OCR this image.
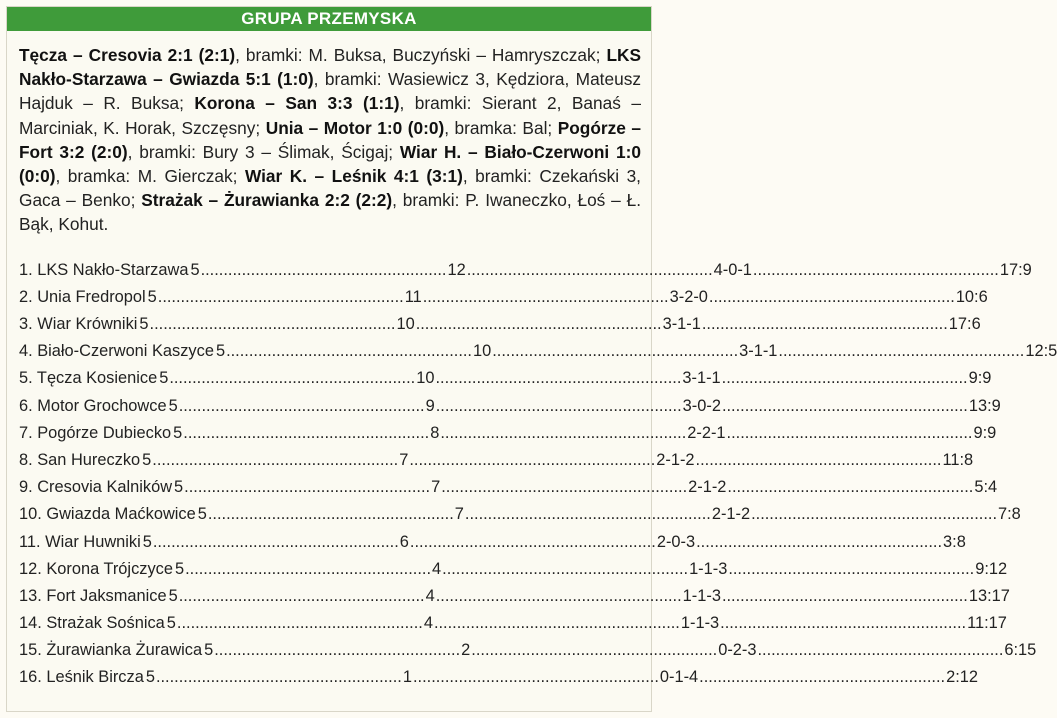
GRUPA PRZEMYSKA
Tęcza – Cresovia 2:1 (2:1), bramki: M. Buksa, Buczyński – Hamryszczak; LKS Nakło-Starzawa – Gwiazda 5:1 (1:0), bramki: Wasiewicz 3, Kędziora, Mateusz Hajduk – R. Buksa; Korona – San 3:3 (1:1), bramki: Sierant 2, Banaś – Marciniak, K. Horak, Szczęsny; Unia – Motor 1:0 (0:0), bramka: Bal; Pogórze – Fort 3:2 (2:0), bramki: Bury 3 – Ślimak, Ścigaj; Wiar H. – Biało-Czerwoni 1:0 (0:0), bramka: M. Gierczak; Wiar K. – Leśnik 4:1 (3:1), bramki: Czekański 3, Gaca – Benko; Strażak – Żurawianka 2:2 (2:2), bramki: P. Iwaneczko, Łoś – Ł. Bąk, Kohut.
1. LKS Nakło-Starzawa 5 .....	12 .....	4-0-1 .....	17:9
2. Unia Fredropol 5 .....	11 .....	3-2-0 .....	10:6
3. Wiar Krówniki 5 .....	10 .....	3-1-1 .....	17:6
4. Biało-Czerwoni Kaszyce 5 .....	10 .....	3-1-1 .....	12:5
5. Tęcza Kosienice 5 .....	10 .....	3-1-1 .....	9:9
6. Motor Grochowce 5 .....	9 .....	3-0-2 .....	13:9
7. Pogórze Dubiecko 5 .....	8 .....	2-2-1 .....	9:9
8. San Hureczko 5 .....	7 .....	2-1-2 .....	11:8
9. Cresovia Kalników 5 .....	7 .....	2-1-2 .....	5:4
10. Gwiazda Maćkowice 5 .....	7 .....	2-1-2 .....	7:8
11. Wiar Huwniki 5 .....	6 .....	2-0-3 .....	3:8
12. Korona Trójczyce 5 .....	4 .....	1-1-3 .....	9:12
13. Fort Jaksmanice 5 .....	4 .....	1-1-3 .....	13:17
14. Strażak Sośnica 5 .....	4 .....	1-1-3 .....	11:17
15. Żurawianka Żurawica 5 .....	2 .....	0-2-3 .....	6:15
16. Leśnik Bircza 5 .....	1 .....	0-1-4 .....	2:12
